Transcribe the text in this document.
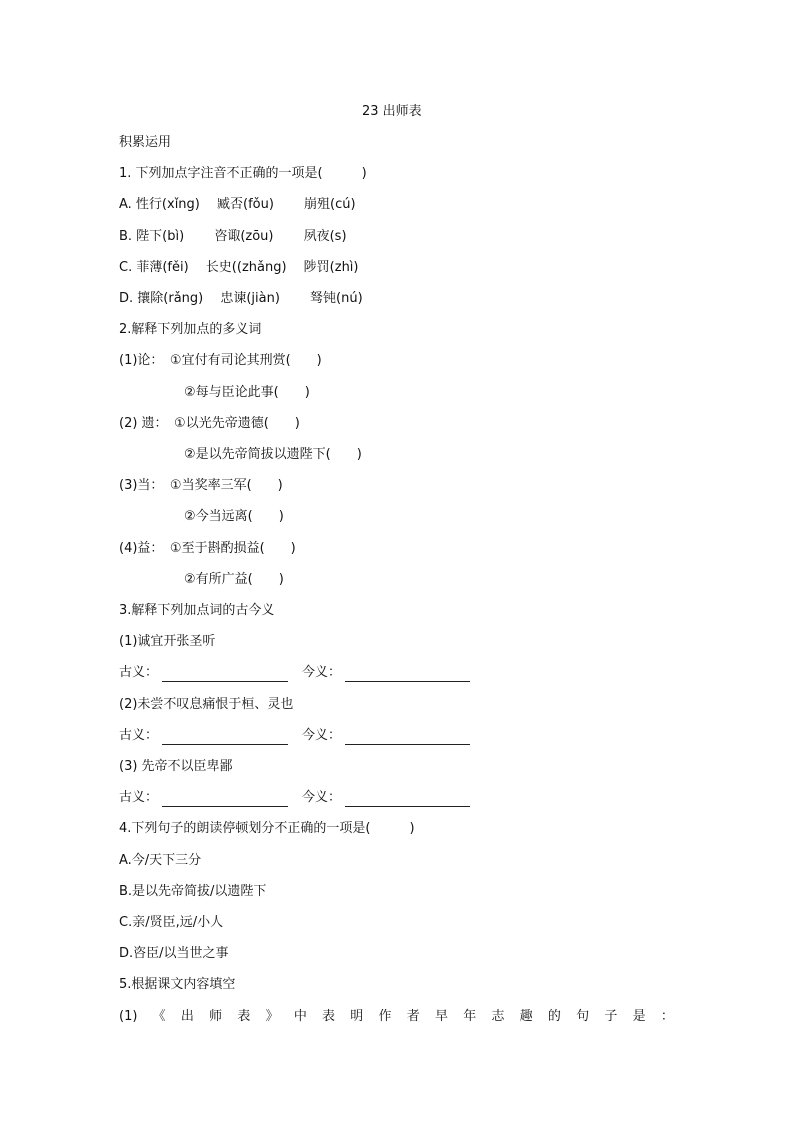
23 出师表
积累运用
1. 下列加点字注音不正确的一项是(　　　)
A. 性行(xǐng)　 臧否(fǒu)　　 崩殂(cú)
B. 陛下(bì)　　 咨诹(zōu)　　 夙夜(s)
C. 菲薄(fěi)　 长史((zhǎng)　 陟罚(zhì)
D. 攘除(rǎng)　 忠谏(jiàn)　　 驽钝(nú)
2.解释下列加点的多义词
(1)论：　①宜付有司论其刑赏(　　)
　　　　　②每与臣论此事(　　)
(2) 遗：　①以光先帝遗德(　　)
　　　　　②是以先帝简拔以遗陛下(　　)
(3)当：　①当奖率三军(　　)
　　　　　②今当远离(　　)
(4)益：　①至于斟酌损益(　　)
　　　　　②有所广益(　　)
3.解释下列加点词的古今义
(1)诚宜开张圣听
古义：	今义：
(2)未尝不叹息痛恨于桓、灵也
古义：	今义：
(3) 先帝不以臣卑鄙
古义：	今义：
4.下列句子的朗读停顿划分不正确的一项是(　　　)
A.今/天下三分
B.是以先帝简拔/以遗陛下
C.亲/贤臣,远/小人
D.咨臣/以当世之事
5.根据课文内容填空
(1) 《 出 师 表 》 中 表 明 作 者 早 年 志 趣 的 句 子 是 ：
